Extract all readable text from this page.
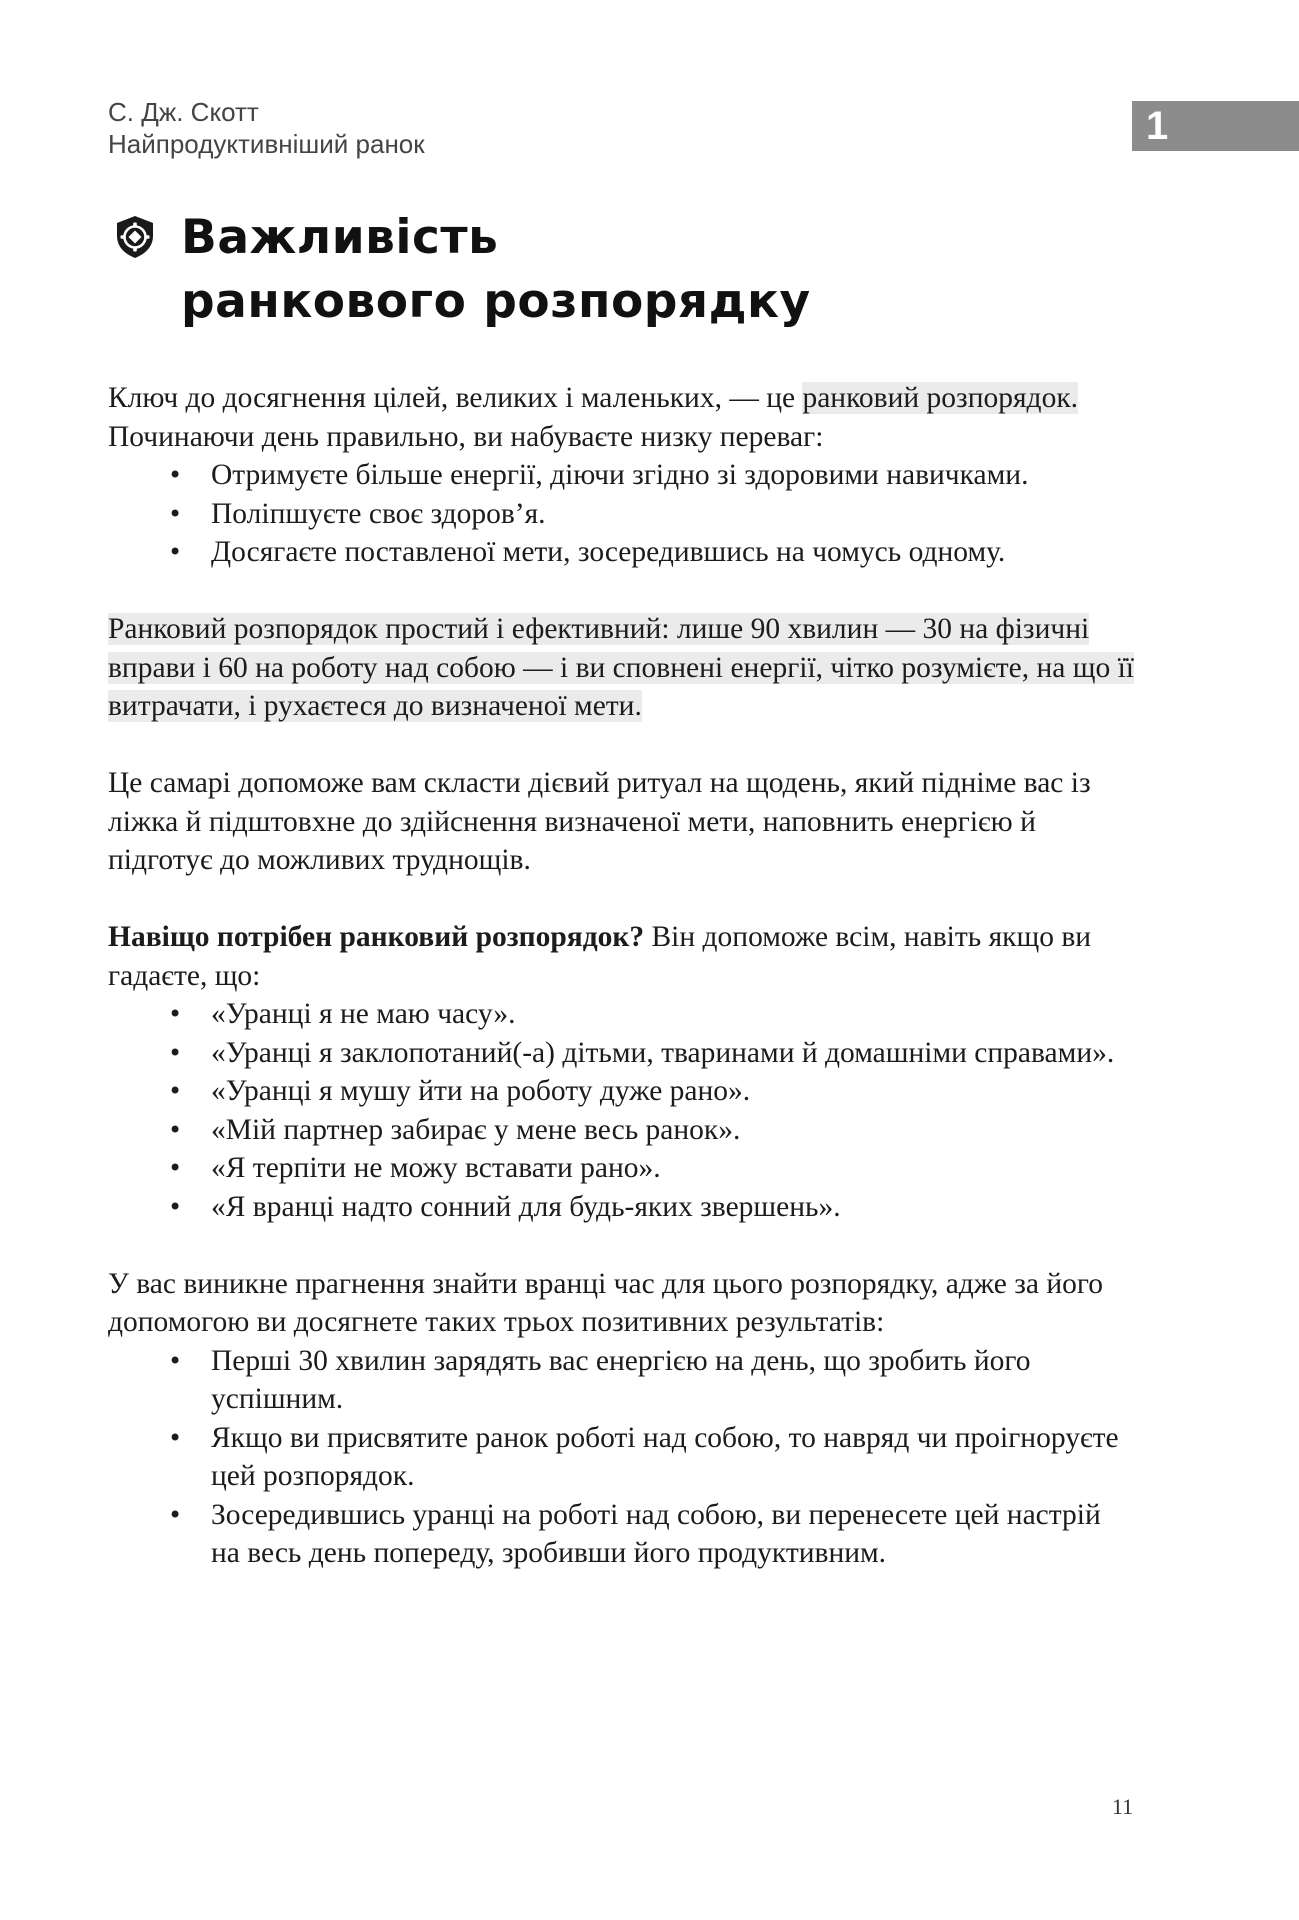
С. Дж. Скотт
Найпродуктивніший ранок	1
Важливість
ранкового розпорядку

Ключ до досягнення цілей, великих і маленьких, — це ранковий розпорядок. Починаючи день правильно, ви набуваєте низку переваг:

• Отримуєте більше енергії, діючи згідно зі здоровими навичками.
• Поліпшуєте своє здоров’я.
• Досягаєте поставленої мети, зосередившись на чомусь одному.

Ранковий розпорядок простий і ефективний: лише 90 хвилин — 30 на фізичні вправи і 60 на роботу над собою — і ви сповнені енергії, чітко розумієте, на що її витрачати, і рухаєтеся до визначеної мети.

Це самарі допоможе вам скласти дієвий ритуал на щодень, який підніме вас із ліжка й підштовхне до здійснення визначеної мети, наповнить енергією й підготує до можливих труднощів.

Навіщо потрібен ранковий розпорядок? Він допоможе всім, навіть якщо ви гадаєте, що:

• «Уранці я не маю часу».
• «Уранці я заклопотаний(-а) дітьми, тваринами й домашніми справами».
• «Уранці я мушу йти на роботу дуже рано».
• «Мій партнер забирає у мене весь ранок».
• «Я терпіти не можу вставати рано».
• «Я вранці надто сонний для будь-яких звершень».

У вас виникне прагнення знайти вранці час для цього розпорядку, адже за його допомогою ви досягнете таких трьох позитивних результатів:

• Перші 30 хвилин зарядять вас енергією на день, що зробить його успішним.
• Якщо ви присвятите ранок роботі над собою, то навряд чи проігноруєте цей розпорядок.
• Зосередившись уранці на роботі над собою, ви перенесете цей настрій на весь день попереду, зробивши його продуктивним.
11
